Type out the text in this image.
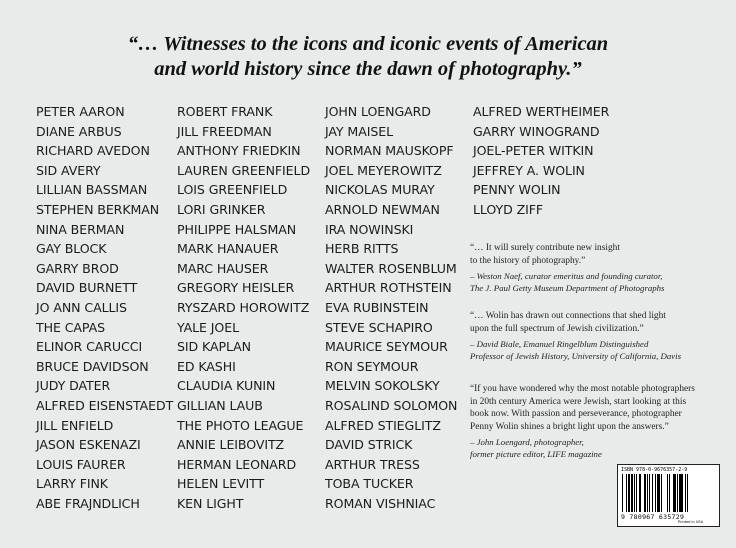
“… Witnesses to the icons and iconic events of American
and world history since the dawn of photography.”
PETER AARON
DIANE ARBUS
RICHARD AVEDON
SID AVERY
LILLIAN BASSMAN
STEPHEN BERKMAN
NINA BERMAN
GAY BLOCK
GARRY BROD
DAVID BURNETT
JO ANN CALLIS
THE CAPAS
ELINOR CARUCCI
BRUCE DAVIDSON
JUDY DATER
ALFRED EISENSTAEDT
JILL ENFIELD
JASON ESKENAZI
LOUIS FAURER
LARRY FINK
ABE FRAJNDLICH
ROBERT FRANK
JILL FREEDMAN
ANTHONY FRIEDKIN
LAUREN GREENFIELD
LOIS GREENFIELD
LORI GRINKER
PHILIPPE HALSMAN
MARK HANAUER
MARC HAUSER
GREGORY HEISLER
RYSZARD HOROWITZ
YALE JOEL
SID KAPLAN
ED KASHI
CLAUDIA KUNIN
GILLIAN LAUB
THE PHOTO LEAGUE
ANNIE LEIBOVITZ
HERMAN LEONARD
HELEN LEVITT
KEN LIGHT
JOHN LOENGARD
JAY MAISEL
NORMAN MAUSKOPF
JOEL MEYEROWITZ
NICKOLAS MURAY
ARNOLD NEWMAN
IRA NOWINSKI
HERB RITTS
WALTER ROSENBLUM
ARTHUR ROTHSTEIN
EVA RUBINSTEIN
STEVE SCHAPIRO
MAURICE SEYMOUR
RON SEYMOUR
MELVIN SOKOLSKY
ROSALIND SOLOMON
ALFRED STIEGLITZ
DAVID STRICK
ARTHUR TRESS
TOBA TUCKER
ROMAN VISHNIAC
ALFRED WERTHEIMER
GARRY WINOGRAND
JOEL-PETER WITKIN
JEFFREY A. WOLIN
PENNY WOLIN
LLOYD ZIFF
“… It will surely contribute new insight
to the history of photography.”
– Weston Naef, curator emeritus and founding curator,
The J. Paul Getty Museum Department of Photographs
“… Wolin has drawn out connections that shed light
upon the full spectrum of Jewish civilization.”
– David Biale, Emanuel Ringelblum Distinguished
Professor of Jewish History, University of California, Davis
“If you have wondered why the most notable photographers
in 20th century America were Jewish, start looking at this
book now. With passion and perseverance, photographer
Penny Wolin shines a bright light upon the answers.”
– John Loengard, photographer,
former picture editor, LIFE magazine
ISBN 978-0-9676357-2-9
9 780967 635729
Printed in USA
